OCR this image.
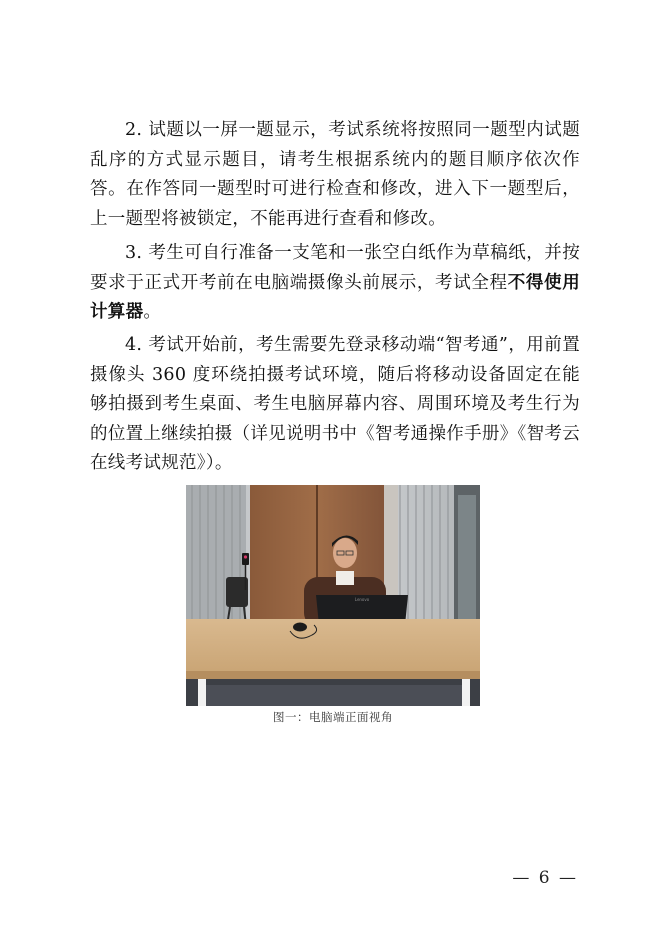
2. 试题以一屏一题显示，考试系统将按照同一题型内试题乱序的方式显示题目，请考生根据系统内的题目顺序依次作答。在作答同一题型时可进行检查和修改，进入下一题型后，上一题型将被锁定，不能再进行查看和修改。

3. 考生可自行准备一支笔和一张空白纸作为草稿纸，并按要求于正式开考前在电脑端摄像头前展示，考试全程不得使用计算器。

4. 考试开始前，考生需要先登录移动端“智考通”，用前置摄像头 360 度环绕拍摄考试环境，随后将移动设备固定在能够拍摄到考生桌面、考生电脑屏幕内容、周围环境及考生行为的位置上继续拍摄（详见说明书中《智考通操作手册》《智考云在线考试规范》）。

Lenovo
图一：电脑端正面视角
— 6 —
